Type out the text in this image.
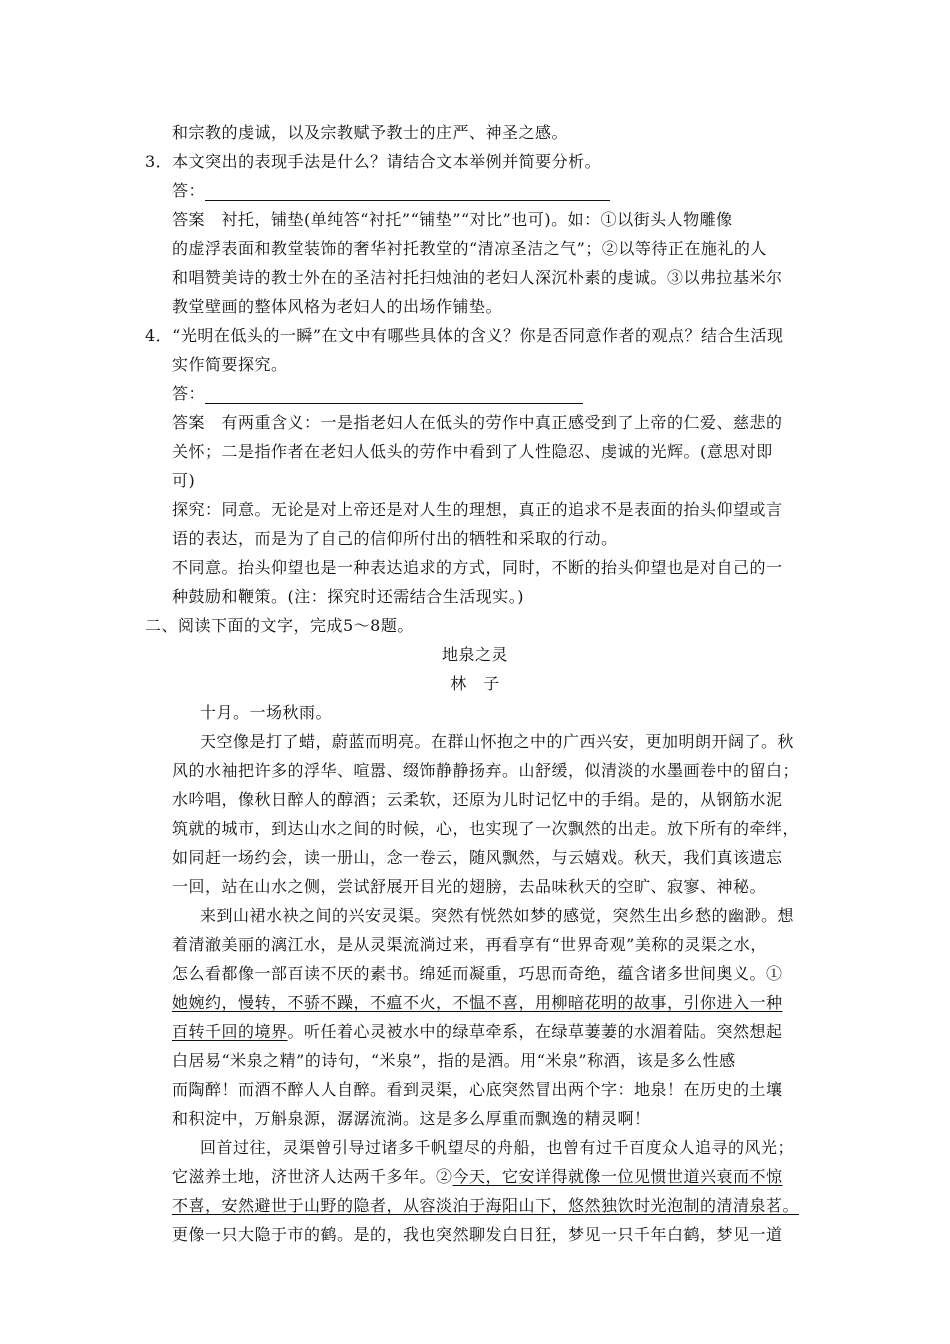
和宗教的虔诚，以及宗教赋予教士的庄严、神圣之感。
3．本文突出的表现手法是什么？请结合文本举例并简要分析。
答：
答案　衬托，铺垫(单纯答“衬托”“铺垫”“对比”也可)。如：①以街头人物雕像
的虚浮表面和教堂装饰的奢华衬托教堂的“清凉圣洁之气”；②以等待正在施礼的人
和唱赞美诗的教士外在的圣洁衬托扫烛油的老妇人深沉朴素的虔诚。③以弗拉基米尔
教堂壁画的整体风格为老妇人的出场作铺垫。
4．“光明在低头的一瞬”在文中有哪些具体的含义？你是否同意作者的观点？结合生活现
实作简要探究。
答：
答案　有两重含义：一是指老妇人在低头的劳作中真正感受到了上帝的仁爱、慈悲的
关怀；二是指作者在老妇人低头的劳作中看到了人性隐忍、虔诚的光辉。(意思对即
可)
探究：同意。无论是对上帝还是对人生的理想，真正的追求不是表面的抬头仰望或言
语的表达，而是为了自己的信仰所付出的牺牲和采取的行动。
不同意。抬头仰望也是一种表达追求的方式，同时，不断的抬头仰望也是对自己的一
种鼓励和鞭策。(注：探究时还需结合生活现实。)
二、阅读下面的文字，完成5～8题。
地泉之灵
林　子
十月。一场秋雨。
天空像是打了蜡，蔚蓝而明亮。在群山怀抱之中的广西兴安，更加明朗开阔了。秋
风的水袖把许多的浮华、喧嚣、缀饰静静扬弃。山舒缓，似清淡的水墨画卷中的留白；
水吟唱，像秋日醉人的醇酒；云柔软，还原为儿时记忆中的手绢。是的，从钢筋水泥
筑就的城市，到达山水之间的时候，心，也实现了一次飘然的出走。放下所有的牵绊，
如同赶一场约会，读一册山，念一卷云，随风飘然，与云嬉戏。秋天，我们真该遗忘
一回，站在山水之侧，尝试舒展开目光的翅膀，去品味秋天的空旷、寂寥、神秘。
来到山裙水袂之间的兴安灵渠。突然有恍然如梦的感觉，突然生出乡愁的幽渺。想
着清澈美丽的漓江水，是从灵渠流淌过来，再看享有“世界奇观”美称的灵渠之水，
怎么看都像一部百读不厌的素书。绵延而凝重，巧思而奇绝，蕴含诸多世间奥义。①
她婉约，慢转，不骄不躁，不瘟不火，不愠不喜，用柳暗花明的故事，引你进入一种
百转千回的境界。听任着心灵被水中的绿草牵系，在绿草萋萋的水湄着陆。突然想起
白居易“米泉之精”的诗句，“米泉”，指的是酒。用“米泉”称酒，该是多么性感
而陶醉！而酒不醉人人自醉。看到灵渠，心底突然冒出两个字：地泉！在历史的土壤
和积淀中，万斛泉源，潺潺流淌。这是多么厚重而飘逸的精灵啊！
回首过往，灵渠曾引导过诸多千帆望尽的舟船，也曾有过千百度众人追寻的风光；
它滋养土地，济世济人达两千多年。②今天，它安详得就像一位见惯世道兴衰而不惊
不喜，安然避世于山野的隐者，从容淡泊于海阳山下，悠然独饮时光泡制的清清泉茗。
更像一只大隐于市的鹤。是的，我也突然聊发白日狂，梦见一只千年白鹤，梦见一道
